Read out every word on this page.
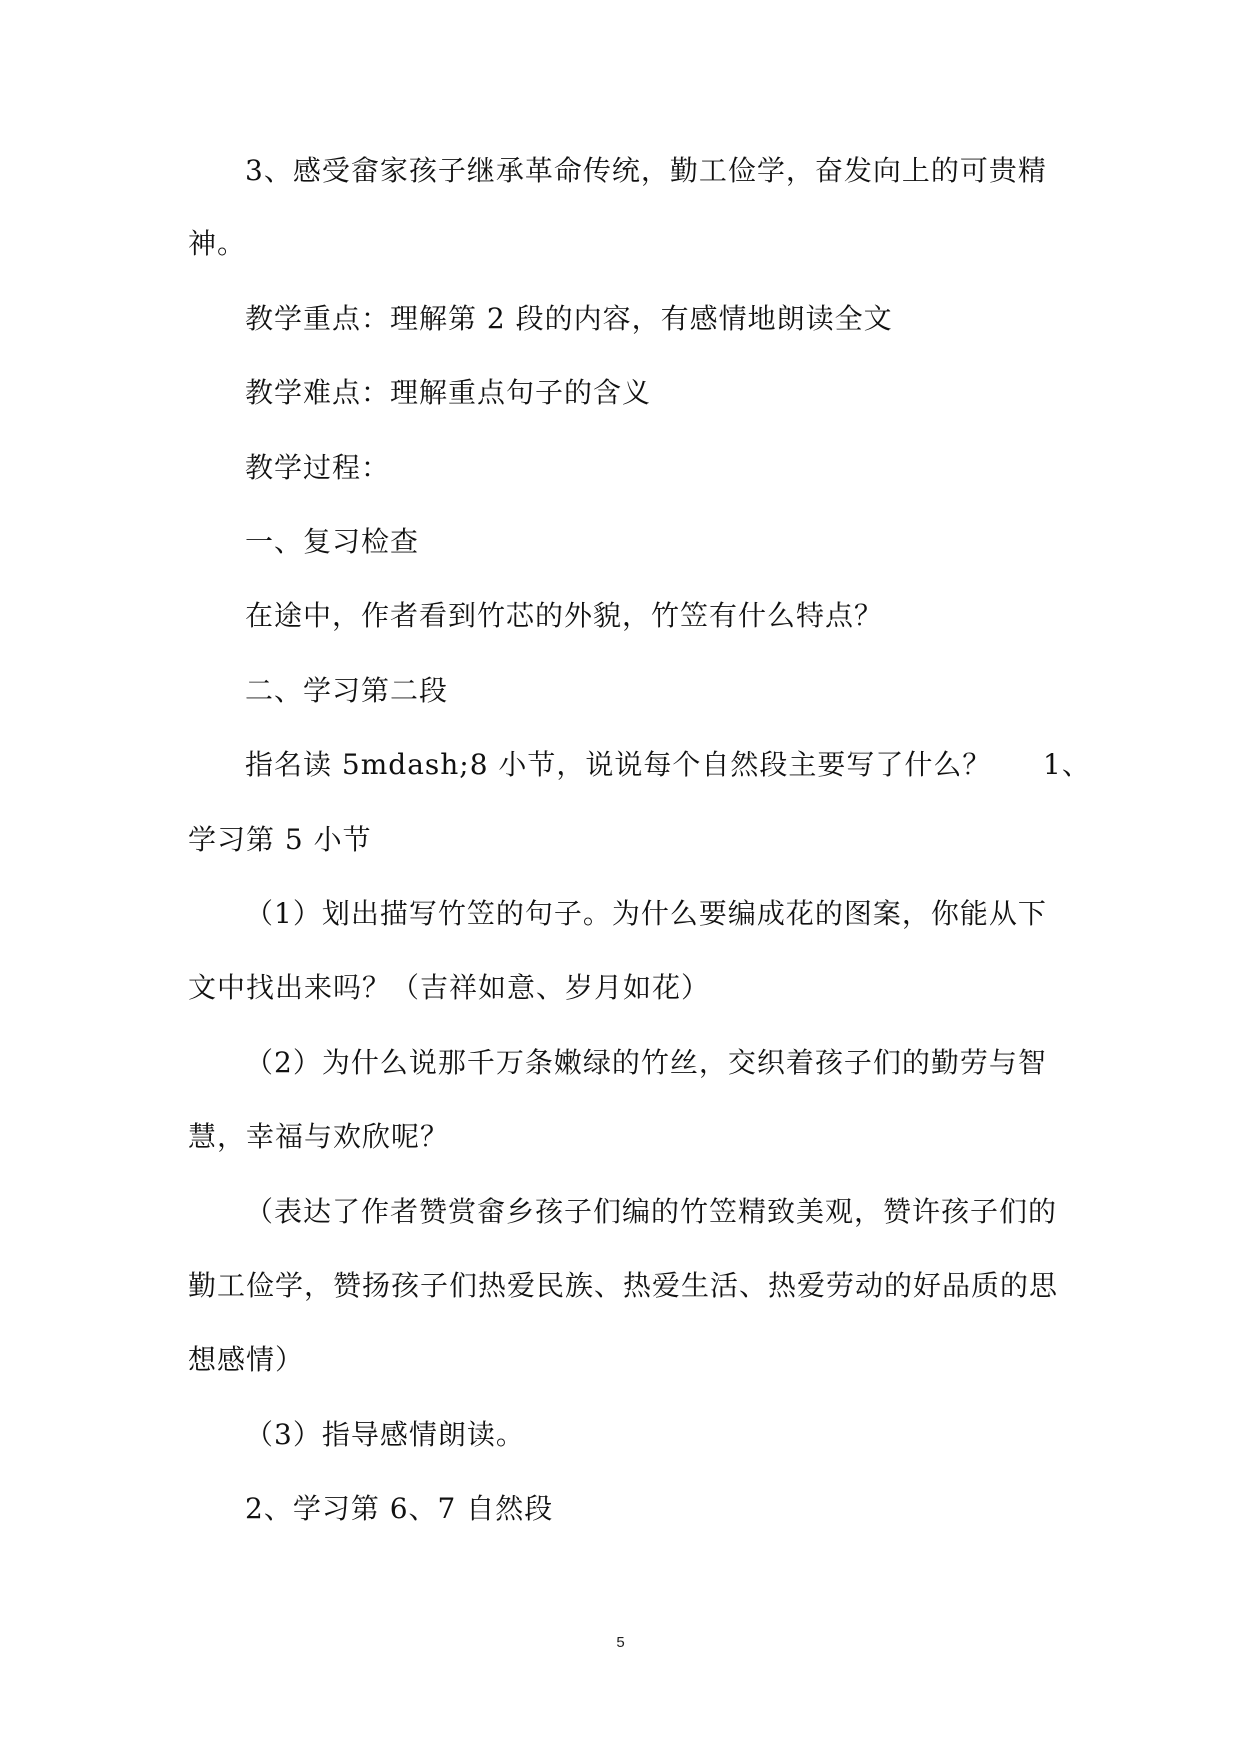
3、感受畲家孩子继承革命传统，勤工俭学，奋发向上的可贵精
神。
教学重点：理解第 2 段的内容，有感情地朗读全文
教学难点：理解重点句子的含义
教学过程：
一、复习检查
在途中，作者看到竹芯的外貌，竹笠有什么特点？
二、学习第二段
指名读 5mdash;8 小节，说说每个自然段主要写了什么？ 1、
学习第 5 小节
（1）划出描写竹笠的句子。为什么要编成花的图案，你能从下
文中找出来吗？（吉祥如意、岁月如花）
（2）为什么说那千万条嫩绿的竹丝，交织着孩子们的勤劳与智
慧，幸福与欢欣呢？
（表达了作者赞赏畲乡孩子们编的竹笠精致美观，赞许孩子们的
勤工俭学，赞扬孩子们热爱民族、热爱生活、热爱劳动的好品质的思
想感情）
（3）指导感情朗读。
2、学习第 6、7 自然段
5
